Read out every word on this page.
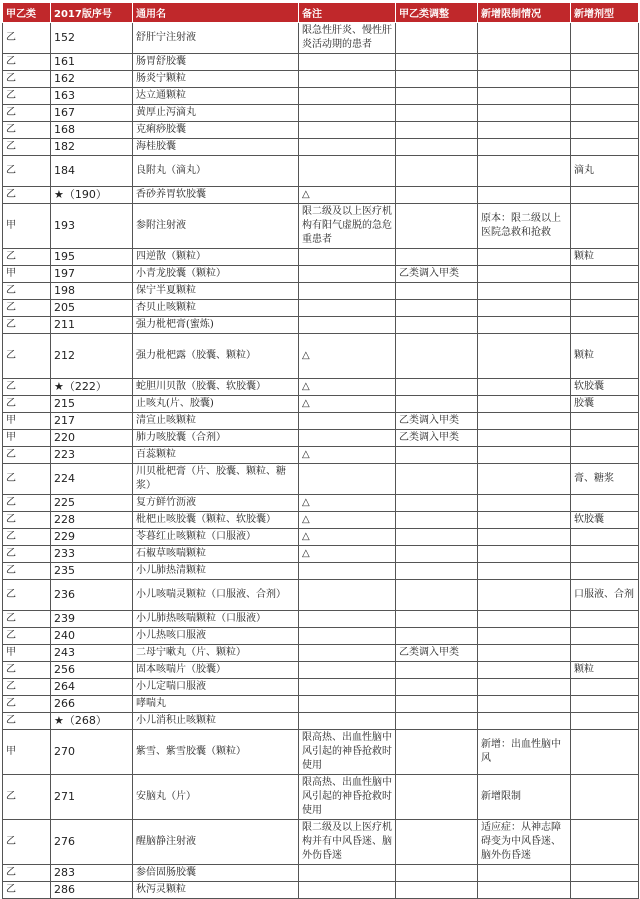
甲乙类	2017版序号	通用名	备注	甲乙类调整	新增限制情况	新增剂型
乙	152	舒肝宁注射液	限急性肝炎、慢性肝炎活动期的患者			
乙	161	肠胃舒胶囊				
乙	162	肠炎宁颗粒				
乙	163	达立通颗粒				
乙	167	黄厚止泻滴丸				
乙	168	克痢痧胶囊				
乙	182	海桂胶囊				
乙	184	良附丸（滴丸）				滴丸
乙	★（190）	香砂养胃软胶囊	△			
甲	193	参附注射液	限二级及以上医疗机构有阳气虚脱的急危重患者		原本：限二级以上医院急救和抢救	
乙	195	四逆散（颗粒）				颗粒
甲	197	小青龙胶囊（颗粒）		乙类调入甲类		
乙	198	保宁半夏颗粒				
乙	205	杏贝止咳颗粒				
乙	211	强力枇杷膏(蜜炼)				
乙	212	强力枇杷露（胶囊、颗粒）	△			颗粒
乙	★（222）	蛇胆川贝散（胶囊、软胶囊）	△			软胶囊
乙	215	止咳丸(片、胶囊)	△			胶囊
甲	217	清宣止咳颗粒		乙类调入甲类		
甲	220	肺力咳胶囊（合剂）		乙类调入甲类		
乙	223	百蕊颗粒	△			
乙	224	川贝枇杷膏（片、胶囊、颗粒、糖浆）				膏、糖浆
乙	225	复方鲜竹沥液	△			
乙	228	枇杷止咳胶囊（颗粒、软胶囊）	△			软胶囊
乙	229	苓暮红止咳颗粒（口服液）	△			
乙	233	石椒草咳喘颗粒	△			
乙	235	小儿肺热清颗粒				
乙	236	小儿咳喘灵颗粒（口服液、合剂）				口服液、合剂
乙	239	小儿肺热咳喘颗粒（口服液）				
乙	240	小儿热咳口服液				
甲	243	二母宁嗽丸（片、颗粒）		乙类调入甲类		
乙	256	固本咳喘片（胶囊）				颗粒
乙	264	小儿定喘口服液				
乙	266	哮喘丸				
乙	★（268）	小儿消积止咳颗粒				
甲	270	紫雪、紫雪胶囊（颗粒）	限高热、出血性脑中风引起的神昏抢救时使用		新增：出血性脑中风	
乙	271	安脑丸（片）	限高热、出血性脑中风引起的神昏抢救时使用		新增限制	
乙	276	醒脑静注射液	限二级及以上医疗机构并有中风昏迷、脑外伤昏迷		适应症：从神志障碍变为中风昏迷、脑外伤昏迷	
乙	283	参倍固肠胶囊				
乙	286	秋泻灵颗粒				
